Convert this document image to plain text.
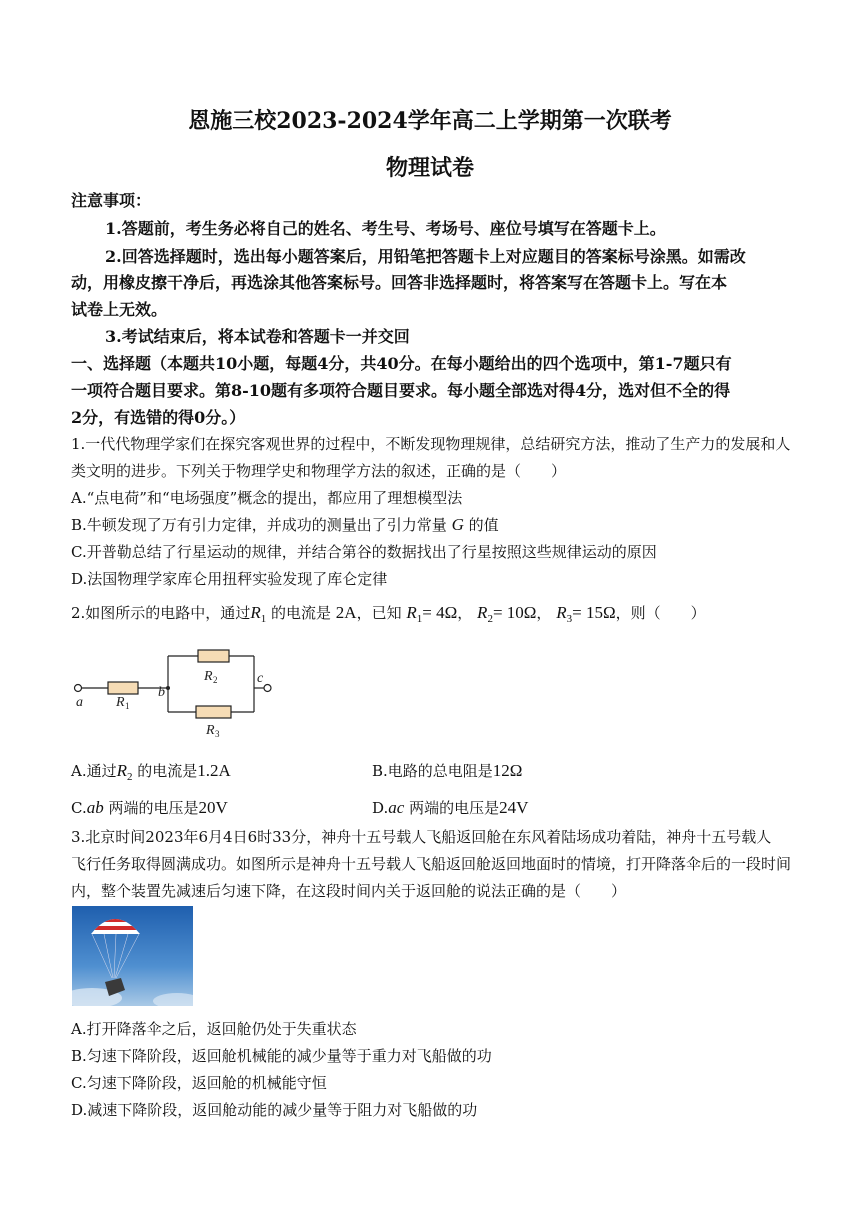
恩施三校2023-2024学年高二上学期第一次联考
物理试卷
注意事项：
1.答题前，考生务必将自己的姓名、考生号、考场号、座位号填写在答题卡上。
2.回答选择题时，选出每小题答案后，用铅笔把答题卡上对应题目的答案标号涂黑。如需改
动，用橡皮擦干净后，再选涂其他答案标号。回答非选择题时，将答案写在答题卡上。写在本
试卷上无效。
3.考试结束后，将本试卷和答题卡一并交回
一、选择题（本题共10小题，每题4分，共40分。在每小题给出的四个选项中，第1-7题只有
一项符合题目要求。第8-10题有多项符合题目要求。每小题全部选对得4分，选对但不全的得
2分，有选错的得0分。）
1.一代代物理学家们在探究客观世界的过程中，不断发现物理规律，总结研究方法，推动了生产力的发展和人
类文明的进步。下列关于物理学史和物理学方法的叙述，正确的是（　　）
A.“点电荷”和“电场强度”概念的提出，都应用了理想模型法
B.牛顿发现了万有引力定律，并成功的测量出了引力常量 G 的值
C.开普勒总结了行星运动的规律，并结合第谷的数据找出了行星按照这些规律运动的原因
D.法国物理学家库仑用扭秤实验发现了库仑定律
2.如图所示的电路中，通过$R_1$ 的电流是 2A，已知 $R_1= 4\Omega$， $R_2= 10\Omega$， $R_3= 15\Omega$，则（　　）
a
b
c
R
R
R
1
2
3
A.通过$R_2$ 的电流是1.2A	B.电路的总电阻是12Ω
C.ab 两端的电压是20V	D.ac 两端的电压是24V
3.北京时间2023年6月4日6时33分，神舟十五号载人飞船返回舱在东风着陆场成功着陆，神舟十五号载人
飞行任务取得圆满成功。如图所示是神舟十五号载人飞船返回舱返回地面时的情境，打开降落伞后的一段时间
内，整个装置先减速后匀速下降，在这段时间内关于返回舱的说法正确的是（　　）
A.打开降落伞之后，返回舱仍处于失重状态
B.匀速下降阶段，返回舱机械能的减少量等于重力对飞船做的功
C.匀速下降阶段，返回舱的机械能守恒
D.减速下降阶段，返回舱动能的减少量等于阻力对飞船做的功
